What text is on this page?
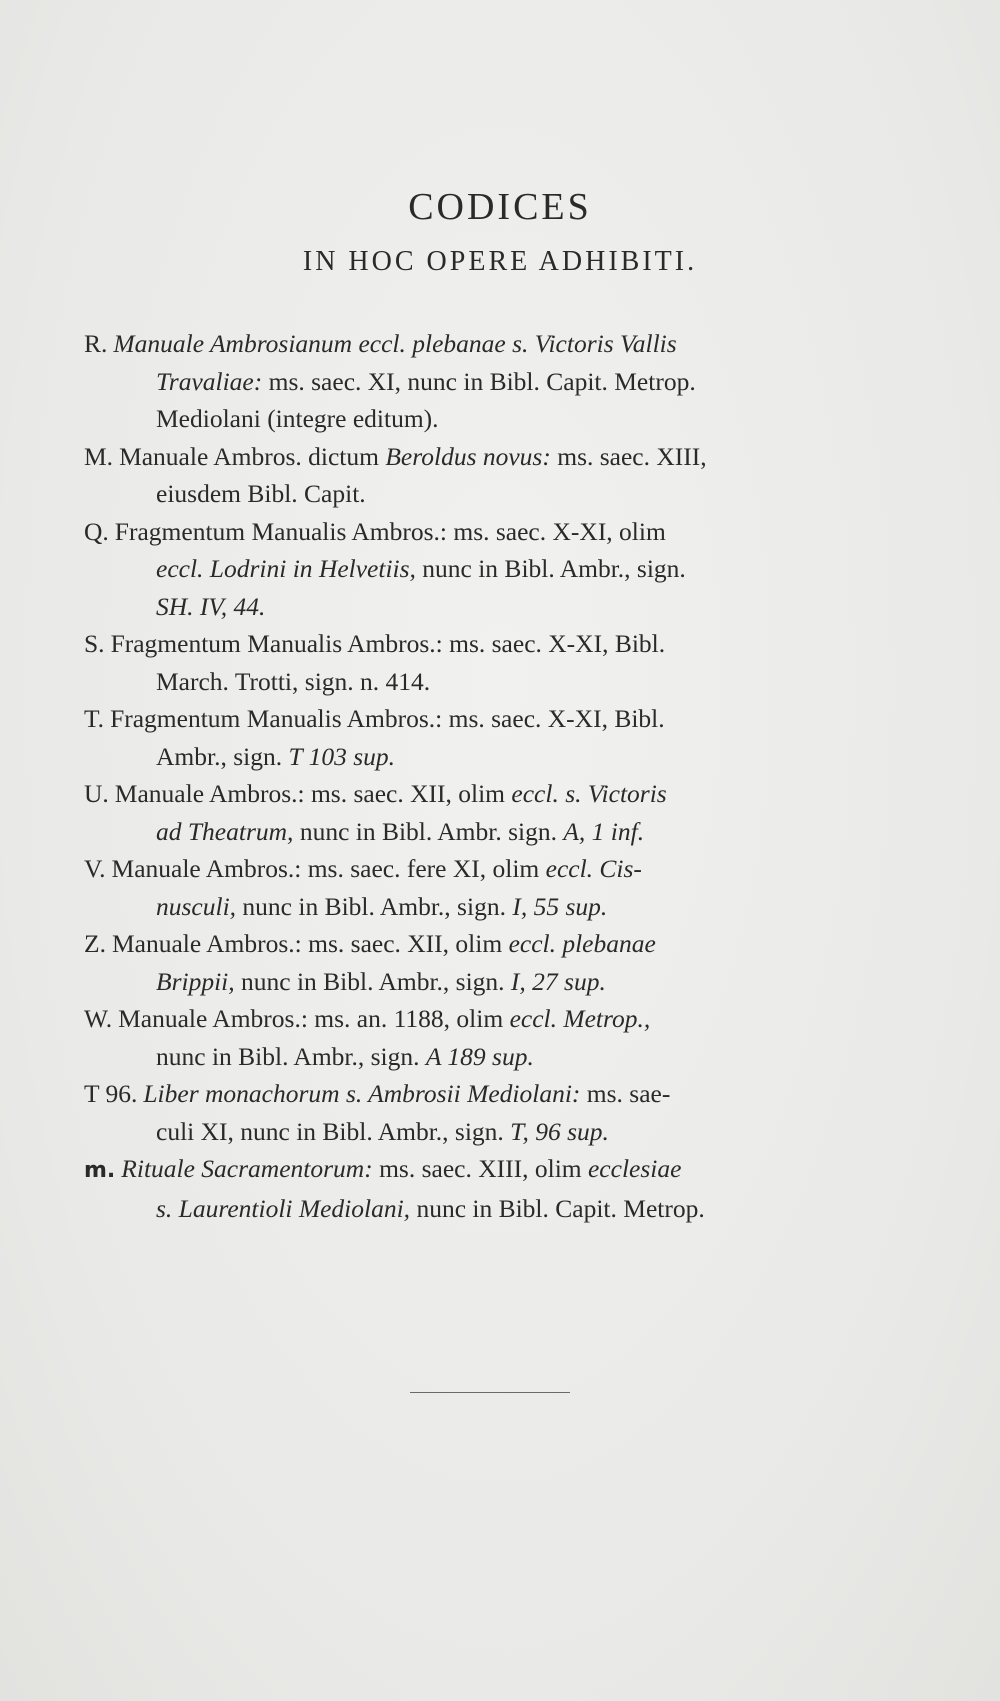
CODICES
IN HOC OPERE ADHIBITI.
R. Manuale Ambrosianum eccl. plebanae s. Victoris Vallis
Travaliae: ms. saec. XI, nunc in Bibl. Capit. Metrop.
Mediolani (integre editum).
M. Manuale Ambros. dictum Beroldus novus: ms. saec. XIII,
eiusdem Bibl. Capit.
Q. Fragmentum Manualis Ambros.: ms. saec. X-XI, olim
eccl. Lodrini in Helvetiis, nunc in Bibl. Ambr., sign.
SH. IV, 44.
S. Fragmentum Manualis Ambros.: ms. saec. X-XI, Bibl.
March. Trotti, sign. n. 414.
T. Fragmentum Manualis Ambros.: ms. saec. X-XI, Bibl.
Ambr., sign. T 103 sup.
U. Manuale Ambros.: ms. saec. XII, olim eccl. s. Victoris
ad Theatrum, nunc in Bibl. Ambr. sign. A, 1 inf.
V. Manuale Ambros.: ms. saec. fere XI, olim eccl. Cis-
nusculi, nunc in Bibl. Ambr., sign. I, 55 sup.
Z. Manuale Ambros.: ms. saec. XII, olim eccl. plebanae
Brippii, nunc in Bibl. Ambr., sign. I, 27 sup.
W. Manuale Ambros.: ms. an. 1188, olim eccl. Metrop.,
nunc in Bibl. Ambr., sign. A 189 sup.
T 96. Liber monachorum s. Ambrosii Mediolani: ms. sae-
culi XI, nunc in Bibl. Ambr., sign. T, 96 sup.
m. Rituale Sacramentorum: ms. saec. XIII, olim ecclesiae
s. Laurentioli Mediolani, nunc in Bibl. Capit. Metrop.
